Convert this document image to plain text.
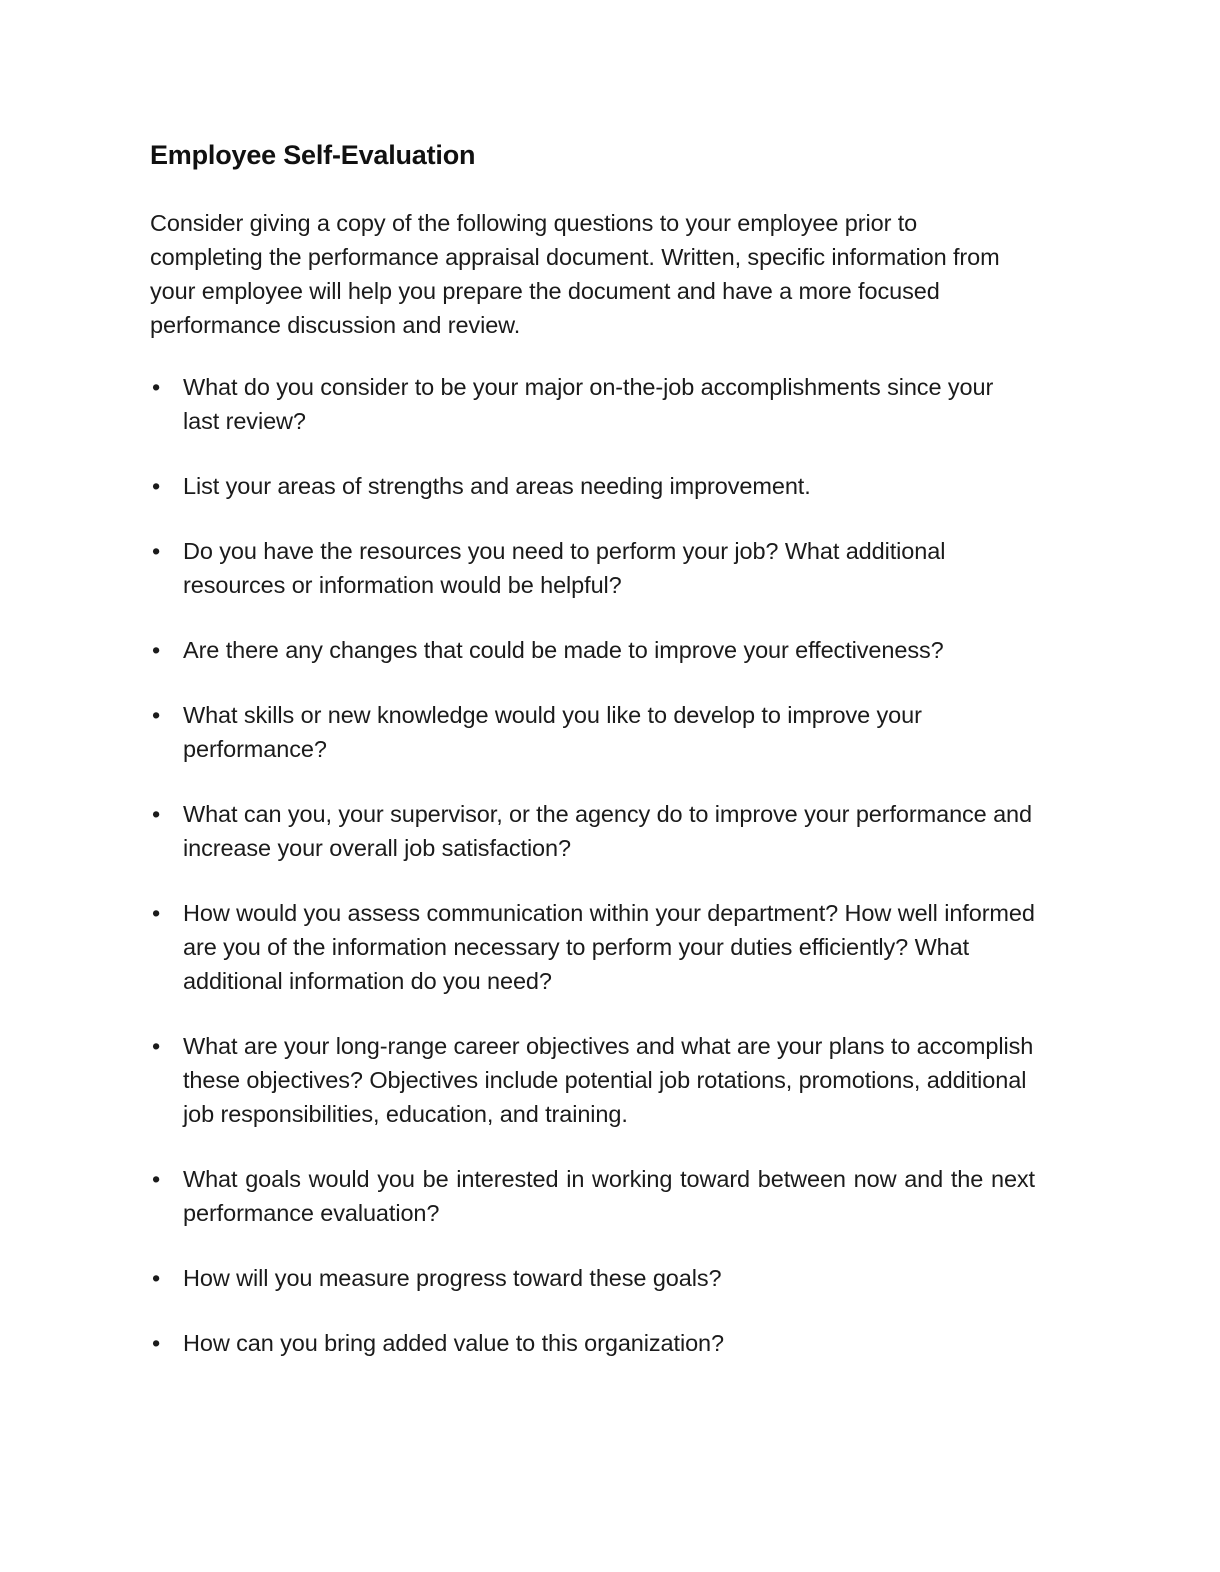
Employee Self-Evaluation

Consider giving a copy of the following questions to your employee prior to completing the performance appraisal document. Written, specific information from your employee will help you prepare the document and have a more focused performance discussion and review.

• What do you consider to be your major on-the-job accomplishments since your last review?
• List your areas of strengths and areas needing improvement.
• Do you have the resources you need to perform your job? What additional resources or information would be helpful?
• Are there any changes that could be made to improve your effectiveness?
• What skills or new knowledge would you like to develop to improve your performance?
• What can you, your supervisor, or the agency do to improve your performance and increase your overall job satisfaction?
• How would you assess communication within your department? How well informed are you of the information necessary to perform your duties efficiently? What additional information do you need?
• What are your long-range career objectives and what are your plans to accomplish these objectives? Objectives include potential job rotations, promotions, additional job responsibilities, education, and training.
• What goals would you be interested in working toward between now and the next performance evaluation?
• How will you measure progress toward these goals?
• How can you bring added value to this organization?
